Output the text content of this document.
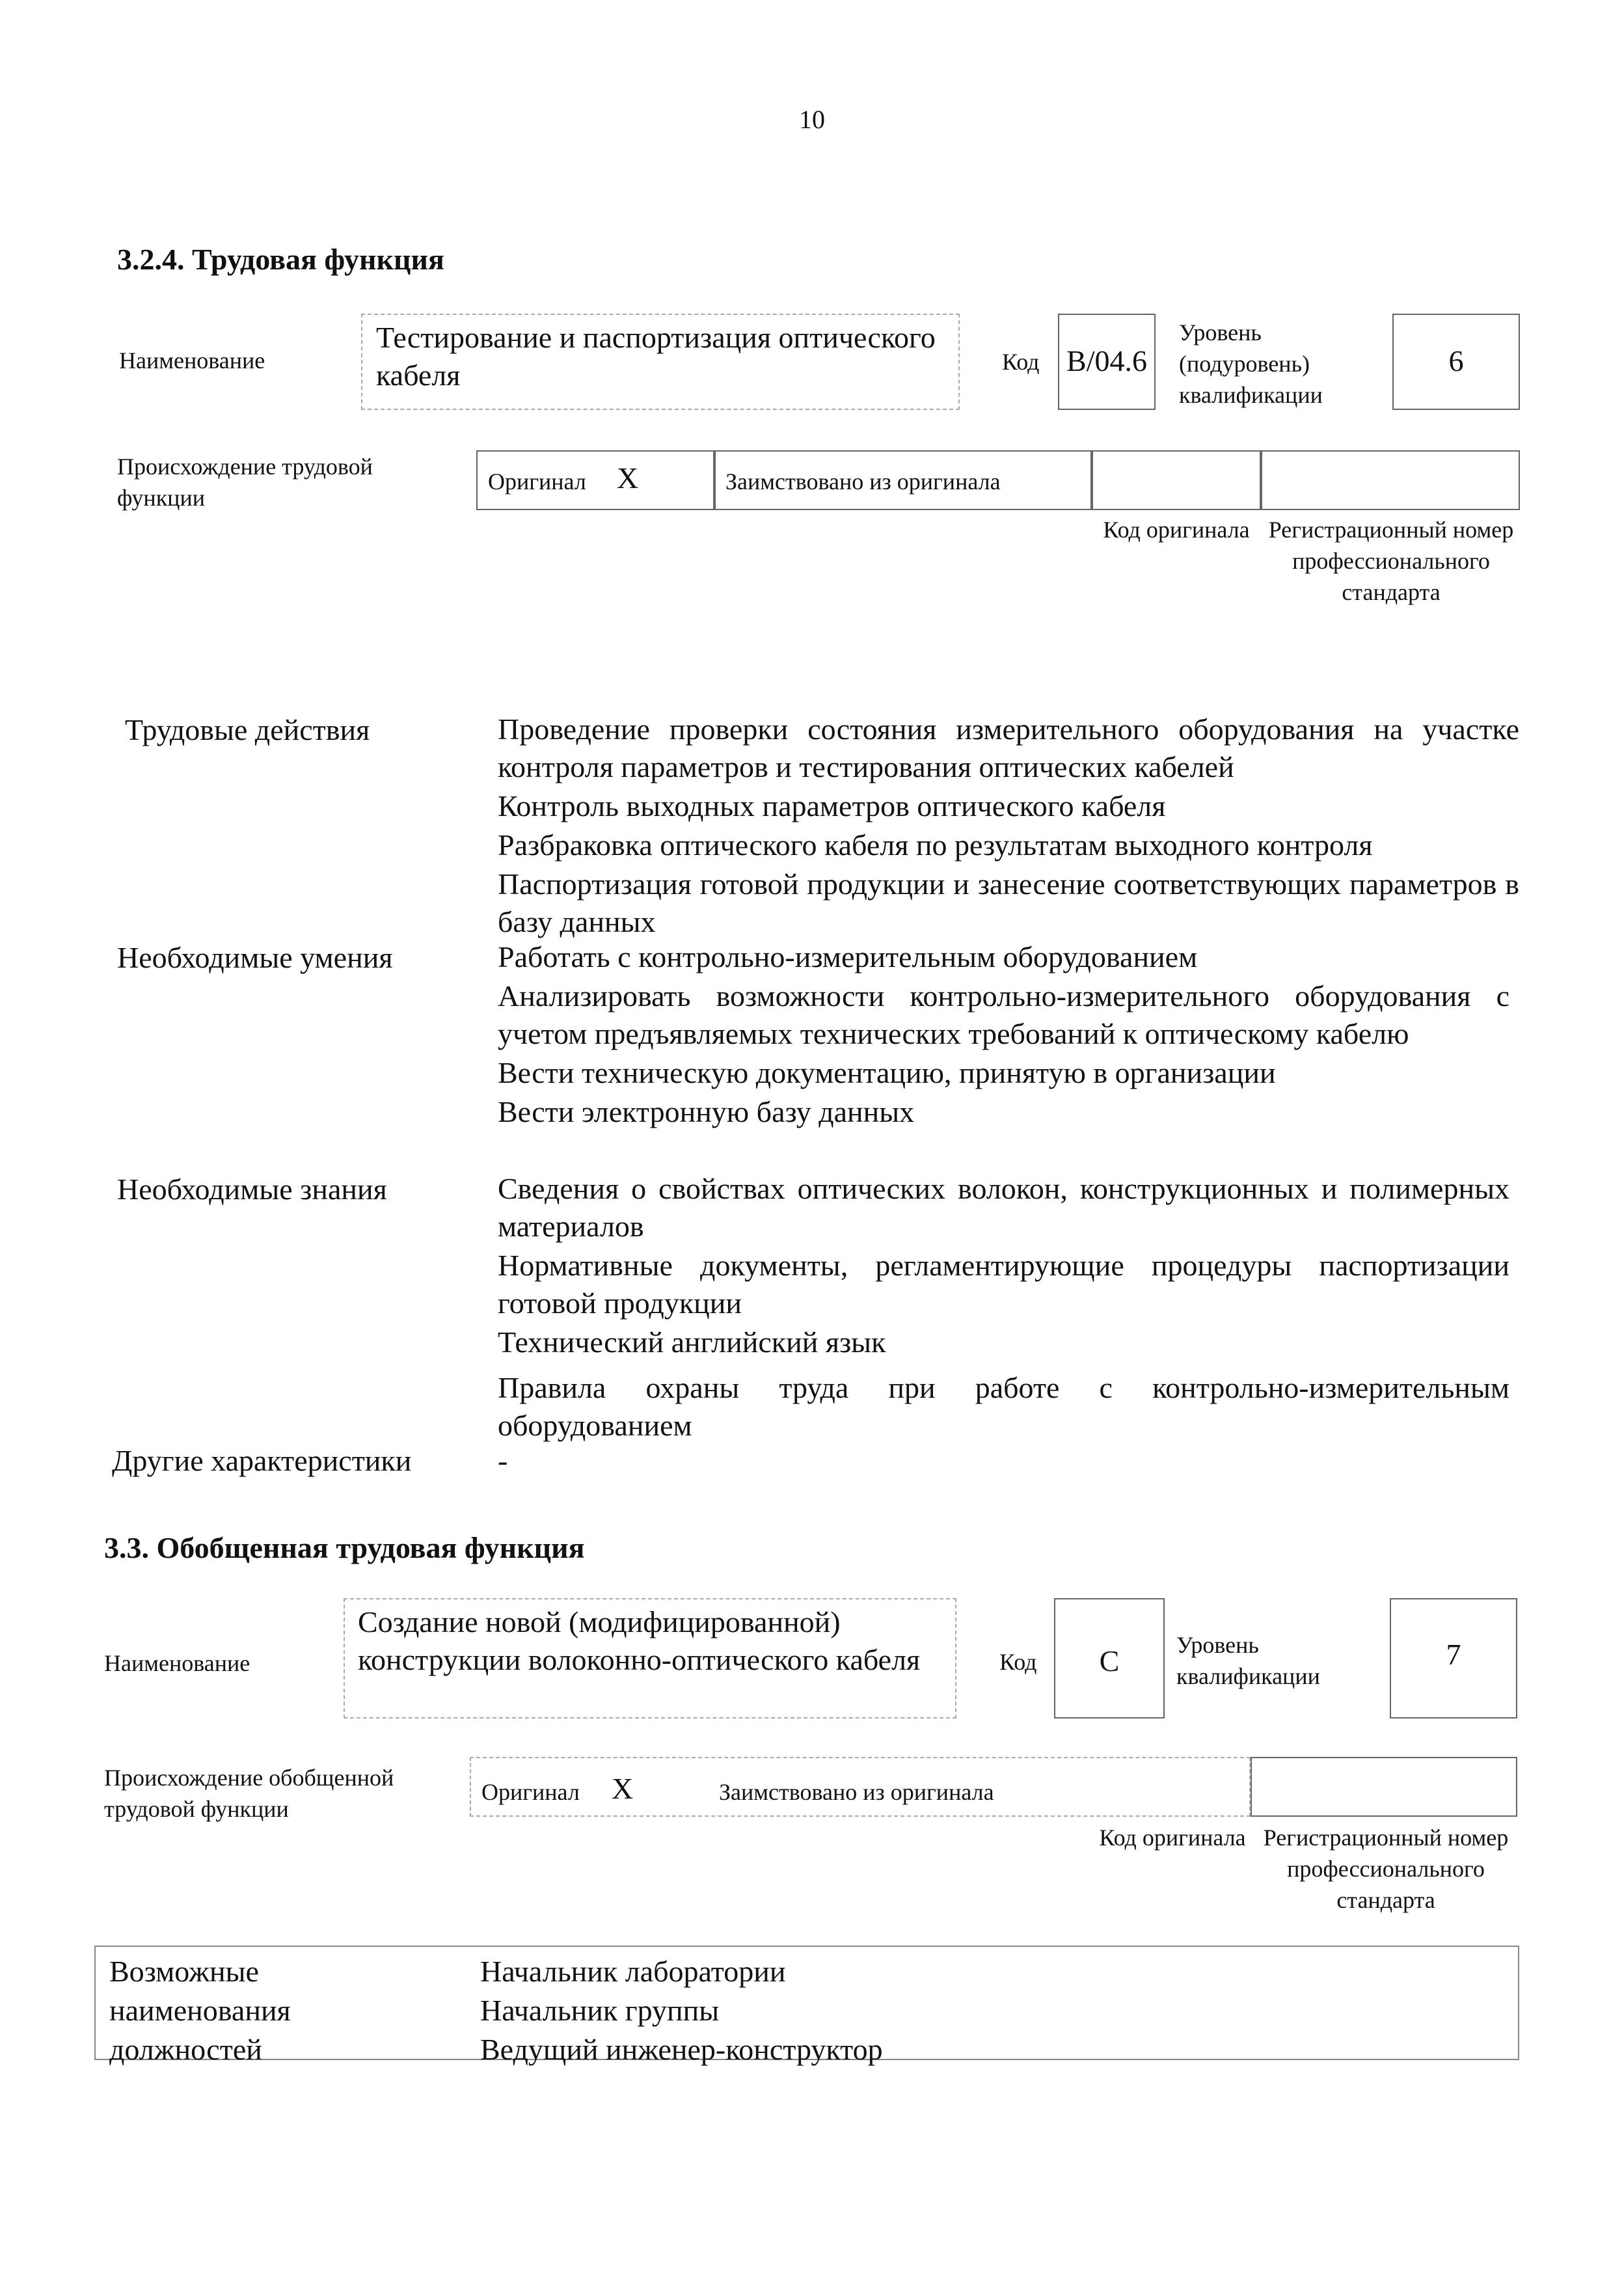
10
3.2.4. Трудовая функция
Наименование
Тестирование и паспортизация оптического кабеля	Код B/04.6
Уровень (подуровень) квалификации
6
Происхождение трудовой функции
Оригинал X	Заимствовано из оригинала
Код оригинала Регистрационный номер профессионального стандарта
Трудовые действия	Проведение проверки состояния измерительного оборудования на участке контроля параметров и тестирования оптических кабелей
Контроль выходных параметров оптического кабеля
Разбраковка оптического кабеля по результатам выходного контроля
Паспортизация готовой продукции и занесение соответствующих параметров в базу данных
Необходимые умения	Работать с контрольно-измерительным оборудованием
Анализировать возможности контрольно-измерительного оборудования с учетом предъявляемых технических требований к оптическому кабелю
Вести техническую документацию, принятую в организации
Вести электронную базу данных
Необходимые знания	Сведения о свойствах оптических волокон, конструкционных и полимерных материалов
Нормативные документы, регламентирующие процедуры паспортизации готовой продукции
Технический английский язык
Правила охраны труда при работе с контрольно-измерительным оборудованием
Другие характеристики	-
3.3. Обобщенная трудовая функция
Наименование
Создание новой (модифицированной) конструкции волоконно-оптического кабеля	Код	C	Уровень квалификации
7
Происхождение обобщенной трудовой функции
Оригинал X	Заимствовано из оригинала
Код оригинала Регистрационный номер профессионального стандарта
Возможные наименования должностей
Начальник лаборатории
Начальник группы
Ведущий инженер-конструктор
